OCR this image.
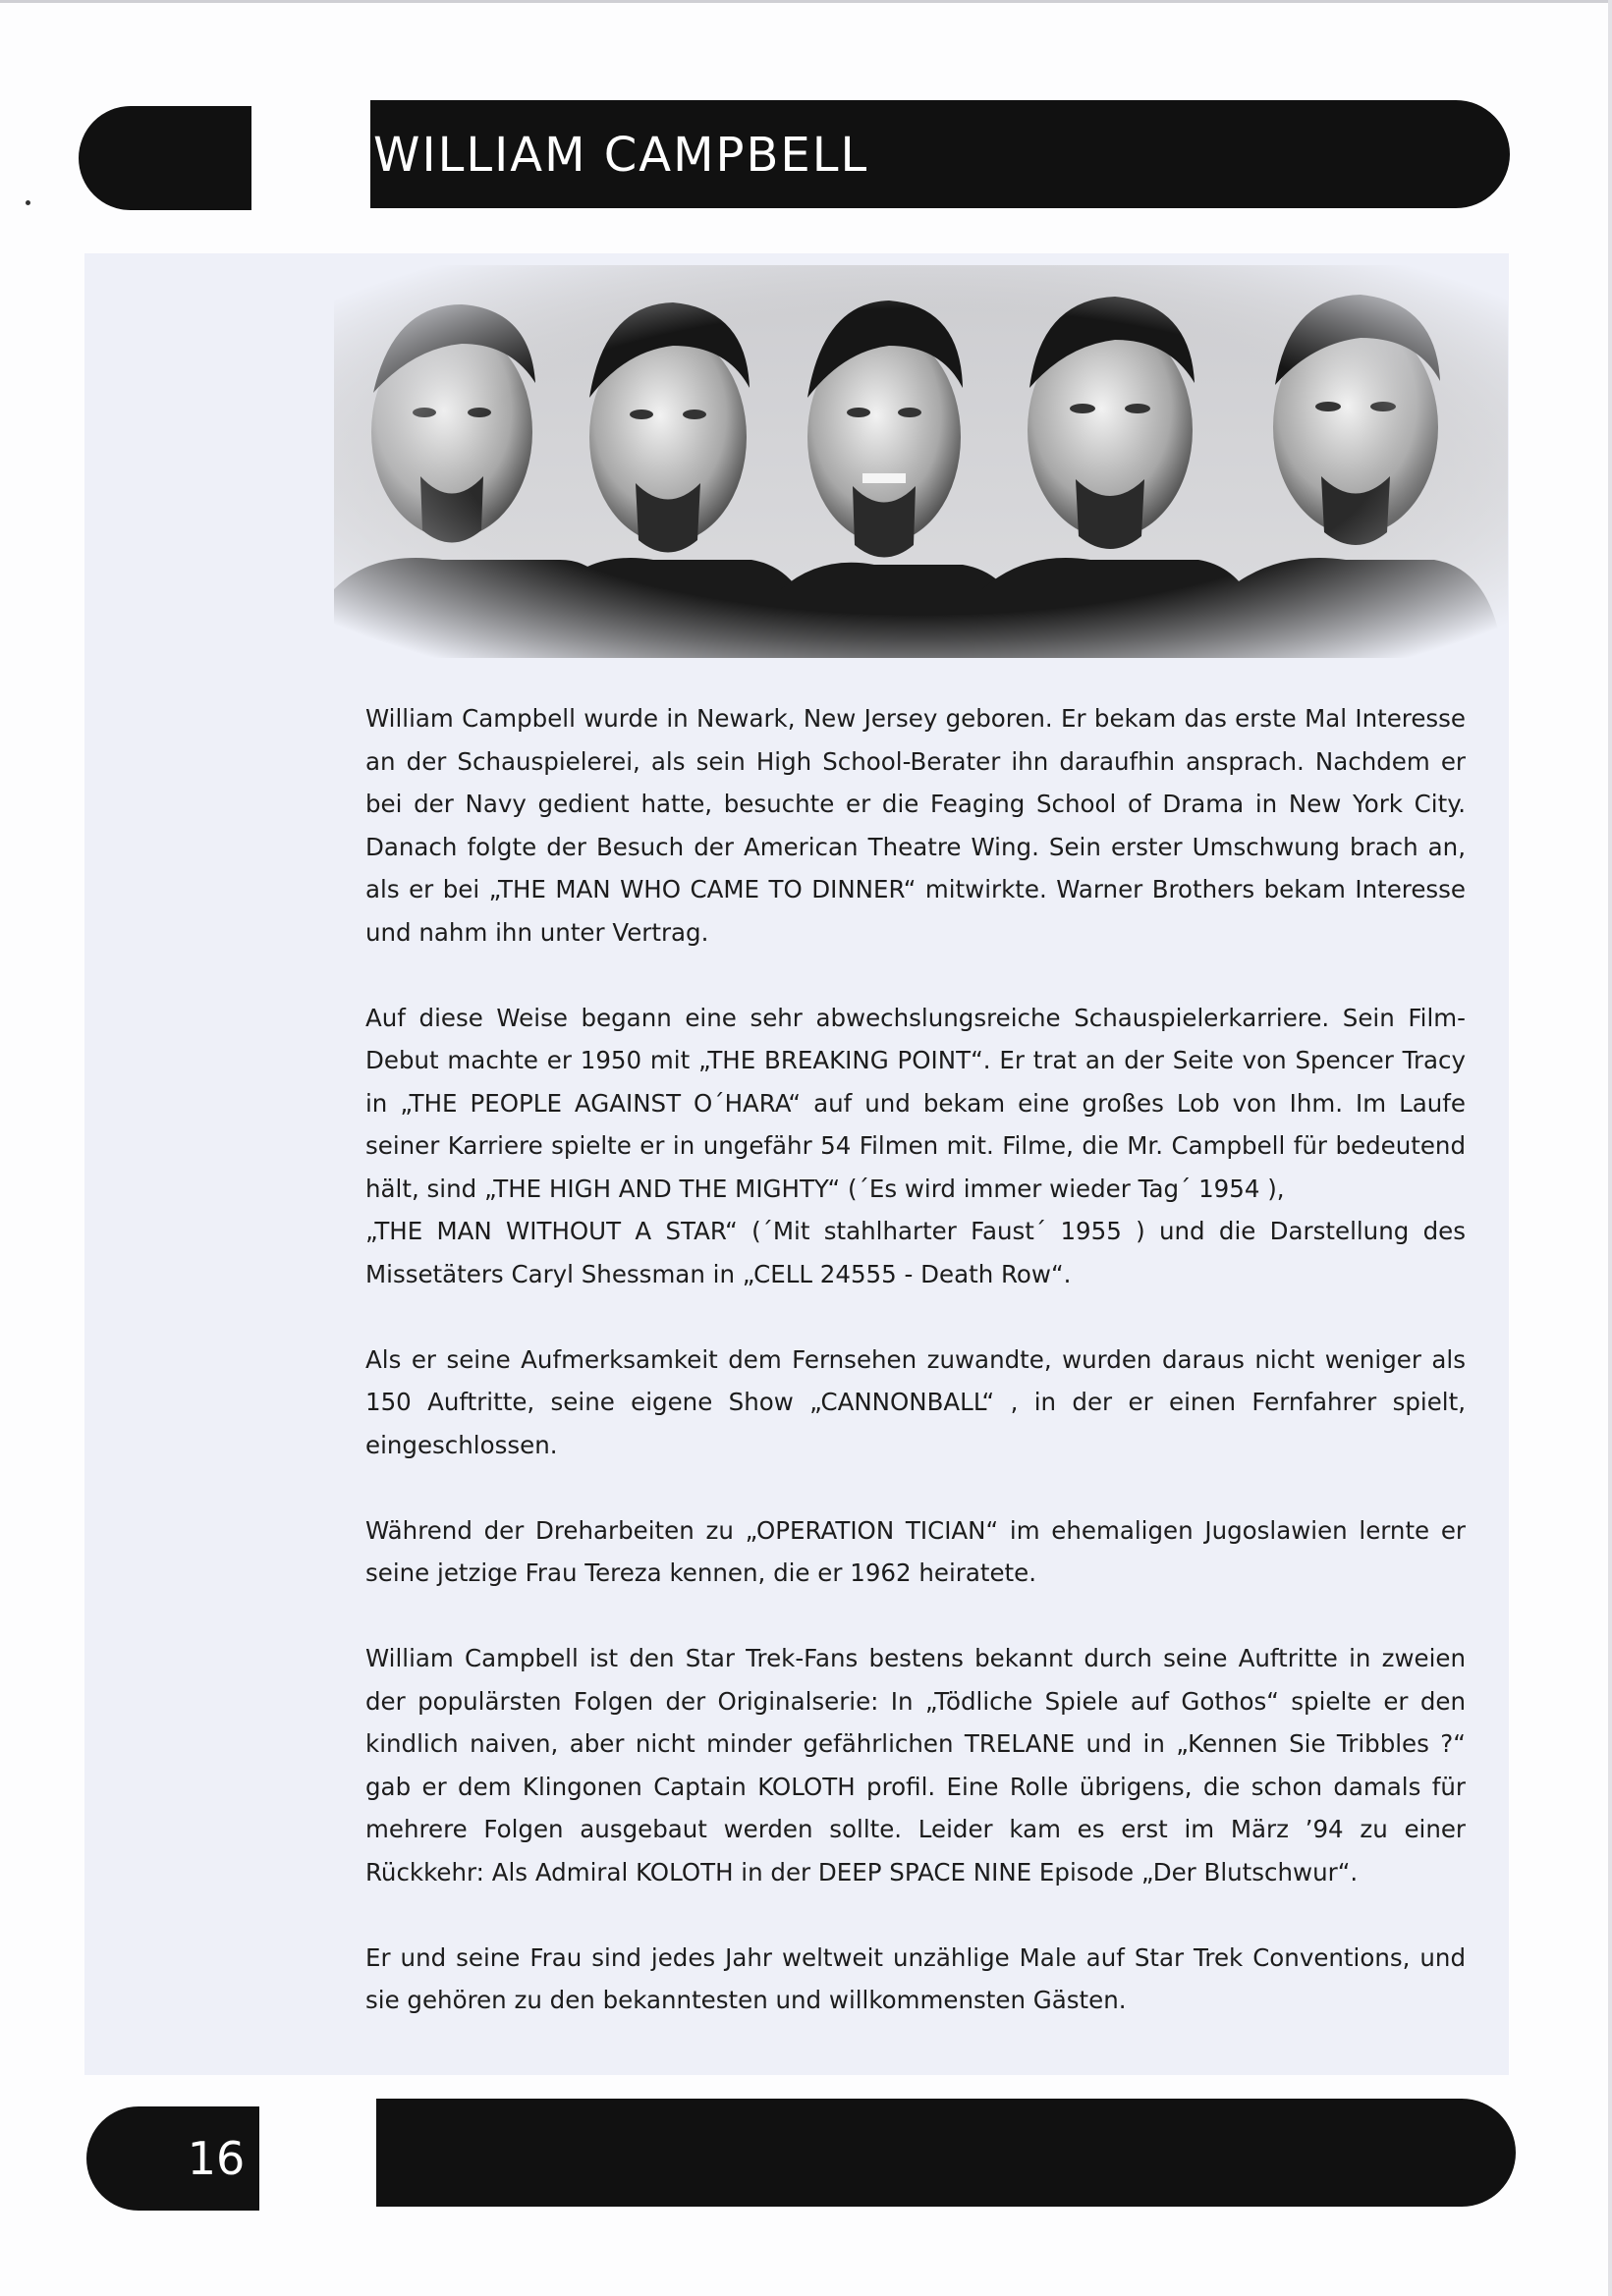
WILLIAM CAMPBELL

William Campbell wurde in Newark, New Jersey geboren. Er bekam das erste Mal Interesse an der Schauspielerei, als sein High School-Berater ihn daraufhin ansprach. Nachdem er bei der Navy gedient hatte, besuchte er die Feaging School of Drama in New York City. Danach folgte der Besuch der American Theatre Wing. Sein erster Umschwung brach an, als er bei „THE MAN WHO CAME TO DINNER“ mitwirkte. Warner Brothers bekam Interesse und nahm ihn unter Vertrag.

Auf diese Weise begann eine sehr abwechslungsreiche Schauspielerkarriere. Sein Film-Debut machte er 1950 mit „THE BREAKING POINT“. Er trat an der Seite von Spencer Tracy in „THE PEOPLE AGAINST O´HARA“ auf und bekam eine großes Lob von Ihm. Im Laufe seiner Karriere spielte er in ungefähr 54 Filmen mit. Filme, die Mr. Campbell für bedeutend hält, sind „THE HIGH AND THE MIGHTY“ (´Es wird immer wieder Tag´ 1954 ),

„THE MAN WITHOUT A STAR“ (´Mit stahlharter Faust´ 1955 ) und die Darstellung des Missetäters Caryl Shessman in „CELL 24555 - Death Row“.

Als er seine Aufmerksamkeit dem Fernsehen zuwandte, wurden daraus nicht weniger als 150 Auftritte, seine eigene Show „CANNONBALL“ , in der er einen Fernfahrer spielt, eingeschlossen.

Während der Dreharbeiten zu „OPERATION TICIAN“ im ehemaligen Jugoslawien lernte er seine jetzige Frau Tereza kennen, die er 1962 heiratete.

William Campbell ist den Star Trek-Fans bestens bekannt durch seine Auftritte in zweien der populärsten Folgen der Originalserie: In „Tödliche Spiele auf Gothos“ spielte er den kindlich naiven, aber nicht minder gefährlichen TRELANE und in „Kennen Sie Tribbles ?“ gab er dem Klingonen Captain KOLOTH profil. Eine Rolle übrigens, die schon damals für mehrere Folgen ausgebaut werden sollte. Leider kam es erst im März ’94 zu einer Rückkehr: Als Admiral KOLOTH in der DEEP SPACE NINE Episode „Der Blutschwur“.

Er und seine Frau sind jedes Jahr weltweit unzählige Male auf Star Trek Conventions, und sie gehören zu den bekanntesten und willkommensten Gästen.

16
